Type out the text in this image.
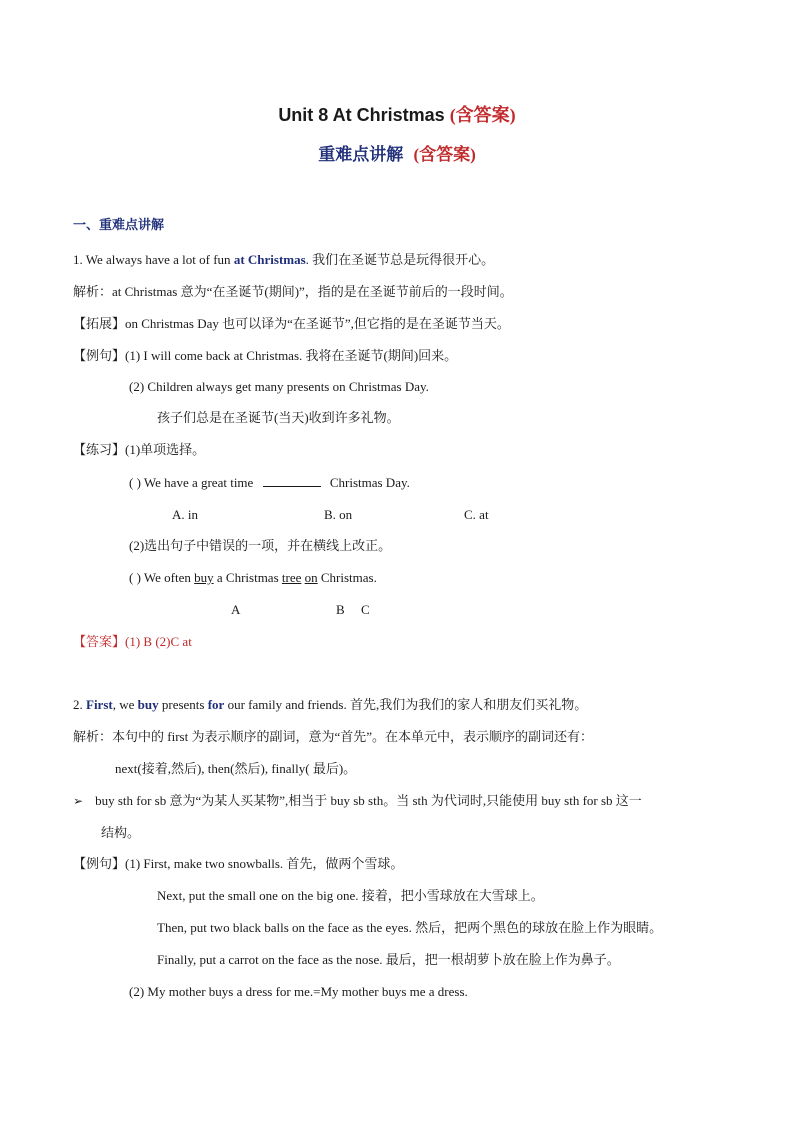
Unit 8 At Christmas (含答案)
重难点讲解 (含答案)
一、重难点讲解
1. We always have a lot of fun at Christmas. 我们在圣诞节总是玩得很开心。
解析：at Christmas 意为“在圣诞节(期间)”，指的是在圣诞节前后的一段时间。
【拓展】on Christmas Day 也可以译为“在圣诞节”,但它指的是在圣诞节当天。
【例句】(1) I will come back at Christmas. 我将在圣诞节(期间)回来。
(2) Children always get many presents on Christmas Day.
孩子们总是在圣诞节(当天)收到许多礼物。
【练习】(1)单项选择。
( ) We have a great time	Christmas Day.
A. in	B. on	C. at
(2)选出句子中错误的一项，并在横线上改正。
( ) We often buy a Christmas tree on Christmas.
A	B C
【答案】(1) B (2)C at
2. First, we buy presents for our family and friends. 首先,我们为我们的家人和朋友们买礼物。
解析：本句中的 first 为表示顺序的副词，意为“首先”。在本单元中，表示顺序的副词还有：
next(接着,然后), then(然后), finally( 最后)。
➢ buy sth for sb 意为“为某人买某物”,相当于 buy sb sth。当 sth 为代词时,只能使用 buy sth for sb 这一
结构。
【例句】(1) First, make two snowballs. 首先，做两个雪球。
Next, put the small one on the big one. 接着，把小雪球放在大雪球上。
Then, put two black balls on the face as the eyes. 然后，把两个黑色的球放在脸上作为眼睛。
Finally, put a carrot on the face as the nose. 最后，把一根胡萝卜放在脸上作为鼻子。
(2) My mother buys a dress for me.=My mother buys me a dress.
